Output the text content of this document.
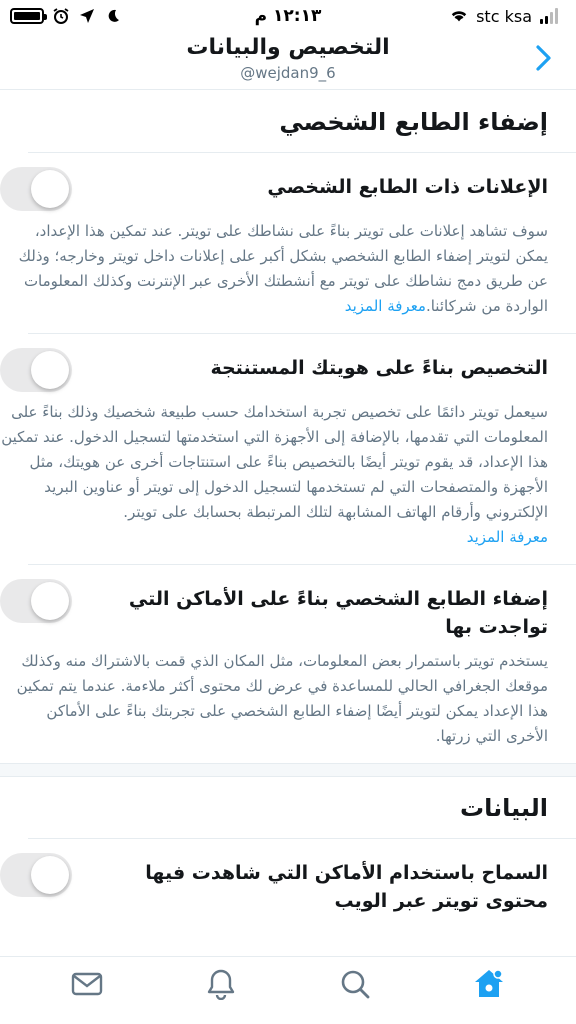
١٢:١٣ م	stc ksa
التخصيص والبيانات
@wejdan9_6
إضفاء الطابع الشخصي
الإعلانات ذات الطابع الشخصي
سوف تشاهد إعلانات على تويتر بناءً على نشاطك على تويتر. عند تمكين هذا الإعداد، يمكن لتويتر إضفاء الطابع الشخصي بشكل أكبر على إعلانات داخل تويتر وخارجه؛ وذلك عن طريق دمج نشاطك على تويتر مع أنشطتك الأخرى عبر الإنترنت وكذلك المعلومات الواردة من شركائنا.معرفة المزيد
التخصيص بناءً على هويتك المستنتجة
سيعمل تويتر دائمًا على تخصيص تجربة استخدامك حسب طبيعة شخصيك وذلك بناءً على المعلومات التي تقدمها، بالإضافة إلى الأجهزة التي استخدمتها لتسجيل الدخول. عند تمكين هذا الإعداد، قد يقوم تويتر أيضًا بالتخصيص بناءً على استنتاجات أخرى عن هويتك، مثل الأجهزة والمتصفحات التي لم تستخدمها لتسجيل الدخول إلى تويتر أو عناوين البريد الإلكتروني وأرقام الهاتف المشابهة لتلك المرتبطة بحسابك على تويتر.
معرفة المزيد
إضفاء الطابع الشخصي بناءً على الأماكن التي تواجدت بها
يستخدم تويتر باستمرار بعض المعلومات، مثل المكان الذي قمت بالاشتراك منه وكذلك موقعك الجغرافي الحالي للمساعدة في عرض لك محتوى أكثر ملاءمة. عندما يتم تمكين هذا الإعداد يمكن لتويتر أيضًا إضفاء الطابع الشخصي على تجربتك بناءً على الأماكن الأخرى التي زرتها.
البيانات
السماح باستخدام الأماكن التي شاهدت فيها محتوى تويتر عبر الويب
